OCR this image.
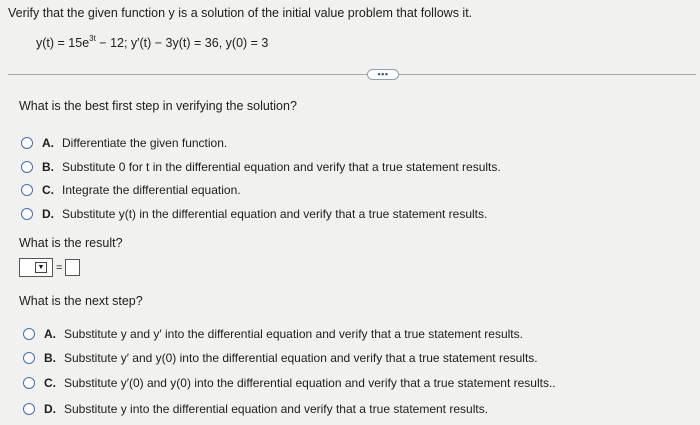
Verify that the given function y is a solution of the initial value problem that follows it.
$y(t) = 15e^{3t} - 12$; y′(t) − 3y(t) = 36, y(0) = 3
•••
What is the best first step in verifying the solution?
A. Differentiate the given function.
B. Substitute 0 for t in the differential equation and verify that a true statement results.
C. Integrate the differential equation.
D. Substitute y(t) in the differential equation and verify that a true statement results.
What is the result?
▼ =
What is the next step?
A. Substitute y and y′ into the differential equation and verify that a true statement results.
B. Substitute y′ and y(0) into the differential equation and verify that a true statement results.
C. Substitute y′(0) and y(0) into the differential equation and verify that a true statement results..
D. Substitute y into the differential equation and verify that a true statement results.
